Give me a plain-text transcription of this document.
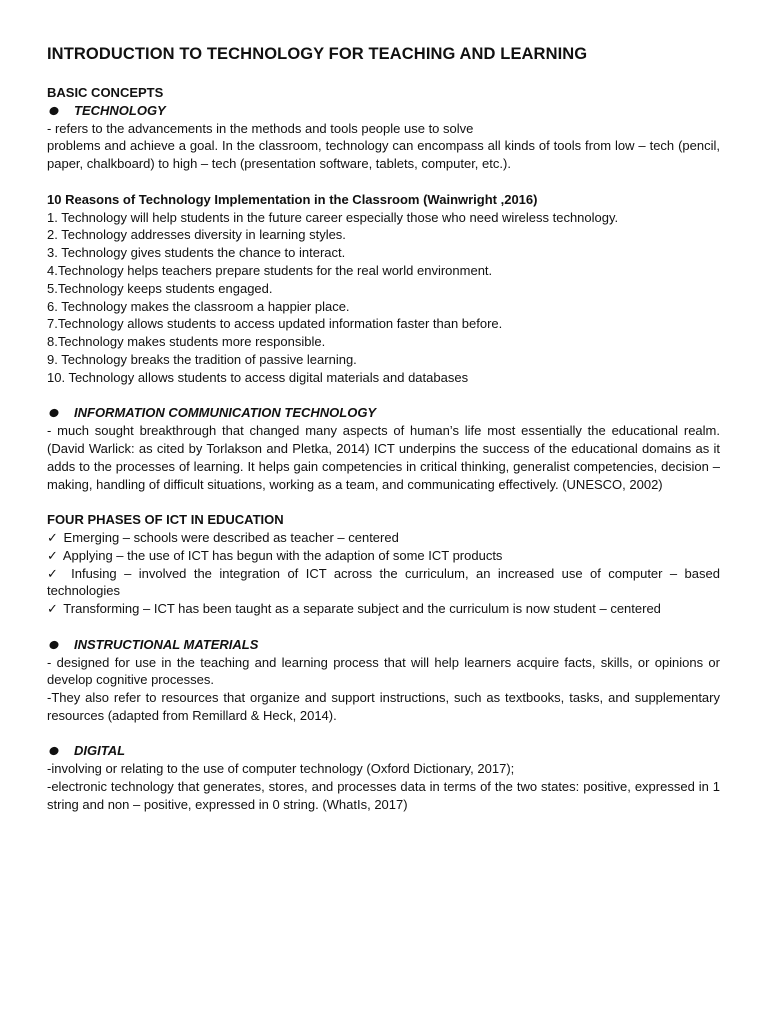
INTRODUCTION TO TECHNOLOGY FOR TEACHING AND LEARNING
BASIC CONCEPTS
TECHNOLOGY
- refers to the advancements in the methods and tools people use to solve
problems and achieve a goal. In the classroom, technology can encompass all kinds of tools from low – tech (pencil, paper, chalkboard) to high – tech (presentation software, tablets, computer, etc.).
10 Reasons of Technology Implementation in the Classroom (Wainwright ,2016)
1. Technology will help students in the future career especially those who need wireless technology.
2. Technology addresses diversity in learning styles.
3. Technology gives students the chance to interact.
4.Technology helps teachers prepare students for the real world environment.
5.Technology keeps students engaged.
6. Technology makes the classroom a happier place.
7.Technology allows students to access updated information faster than before.
8.Technology makes students more responsible.
9. Technology breaks the tradition of passive learning.
10. Technology allows students to access digital materials and databases
INFORMATION COMMUNICATION TECHNOLOGY
- much sought breakthrough that changed many aspects of human’s life most essentially the educational realm. (David Warlick: as cited by Torlakson and Pletka, 2014) ICT underpins the success of the educational domains as it adds to the processes of learning. It helps gain competencies in critical thinking, generalist competencies, decision – making, handling of difficult situations, working as a team, and communicating effectively. (UNESCO, 2002)
FOUR PHASES OF ICT IN EDUCATION
✓ Emerging – schools were described as teacher – centered
✓ Applying – the use of ICT has begun with the adaption of some ICT products
✓ Infusing – involved the integration of ICT across the curriculum, an increased use of computer – based technologies
✓ Transforming – ICT has been taught as a separate subject and the curriculum is now student – centered
INSTRUCTIONAL MATERIALS
- designed for use in the teaching and learning process that will help learners acquire facts, skills, or opinions or develop cognitive processes.
-They also refer to resources that organize and support instructions, such as textbooks, tasks, and supplementary resources (adapted from Remillard & Heck, 2014).
DIGITAL
-involving or relating to the use of computer technology (Oxford Dictionary, 2017);
-electronic technology that generates, stores, and processes data in terms of the two states: positive, expressed in 1 string and non – positive, expressed in 0 string. (WhatIs, 2017)
